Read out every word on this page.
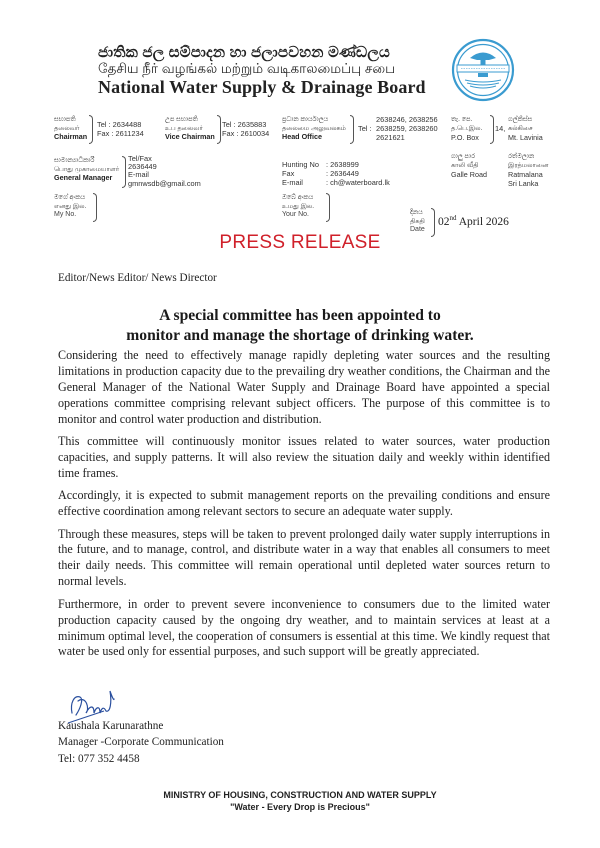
ජාතික ජල සම්පාදන හා ජලාපවහන මණ්ඩලය
தேசிய நீர் வழங்கல் மற்றும் வடிகாலமைப்பு சபை
National Water Supply & Drainage Board
සභාපති
தலைவர்
Chairman
Tel : 2634488
Fax : 2611234
උප සභාපති
உப தலைவர்
Vice Chairman
Tel : 2635883
Fax : 2610034
ප්‍රධාන කාර්යාලය
தலைமை அலுவலகம்
Head Office
Tel :
2638246, 2638256
2638259, 2638260
2621621
තැ. පෙ.
த.பெ.இல.
P.O. Box
14,
ගල්කිස්ස
கல்கிசை
Mt. Lavinia
සාමාන්‍යාධිකාරී
பொது முகாமையாளர்
General Manager
Tel/Fax
2636449
E-mail
gmnwsdb@gmail.com
Hunting No
Fax
E-mail
: 2638999
: 2636449
: ch@waterboard.lk
ගාලු පාර
காலி வீதி
Galle Road
රත්මලාන
இரத்மலானை
Ratmalana
Sri Lanka
මගේ අංකය
எனது இல.
My No.
ඔබේ අංකය
உமது இல.
Your No.	දිනය
திகதி
Date
02nd April 2026
PRESS RELEASE
Editor/News Editor/ News Director
A special committee has been appointed to
monitor and manage the shortage of drinking water.

Considering the need to effectively manage rapidly depleting water sources and the resulting limitations in production capacity due to the prevailing dry weather conditions, the Chairman and the General Manager of the National Water Supply and Drainage Board have appointed a special operations committee comprising relevant subject officers. The purpose of this committee is to monitor and control water production and distribution.

This committee will continuously monitor issues related to water sources, water production capacities, and supply patterns. It will also review the situation daily and weekly within identified time frames.

Accordingly, it is expected to submit management reports on the prevailing conditions and ensure effective coordination among relevant sectors to secure an adequate water supply.

Through these measures, steps will be taken to prevent prolonged daily water supply interruptions in the future, and to manage, control, and distribute water in a way that enables all consumers to meet their daily needs. This committee will remain operational until depleted water sources return to normal levels.

Furthermore, in order to prevent severe inconvenience to consumers due to the limited water production capacity caused by the ongoing dry weather, and to maintain services at least at a minimum optimal level, the cooperation of consumers is essential at this time. We kindly request that water be used only for essential purposes, and such support will be greatly appreciated.

Kaushala Karunarathne
Manager -Corporate Communication
Tel: 077 352 4458
MINISTRY OF HOUSING, CONSTRUCTION AND WATER SUPPLY
"Water - Every Drop is Precious"
